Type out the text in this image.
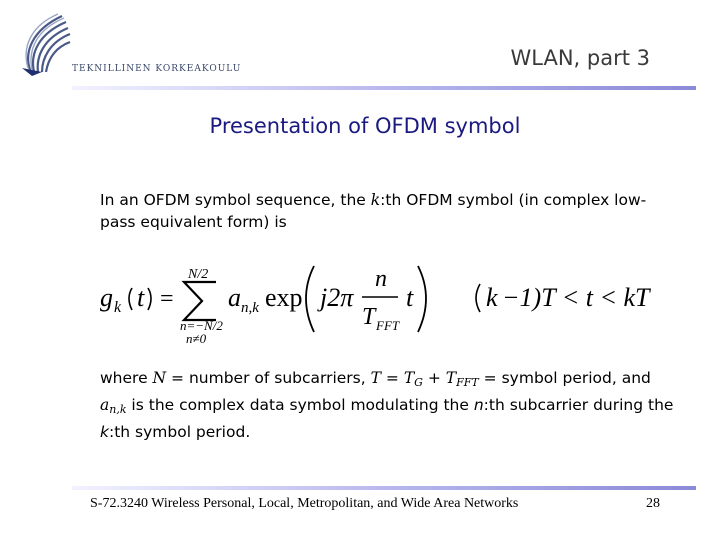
TEKNILLINEN KORKEAKOULU	WLAN, part 3
Presentation of OFDM symbol
In an OFDM symbol sequence, the k:th OFDM symbol (in complex low-pass equivalent form) is
g k t =
N/2
n=−N/2
n≠0
a n,k exp j2π
n
T FFT
t	k −1)T < t < kT
where N = number of subcarriers, $T = T_G + T_{FFT}$ = symbol period, and $a_{n,k}$ is the complex data symbol modulating the n:th subcarrier during the k:th symbol period.
S-72.3240 Wireless Personal, Local, Metropolitan, and Wide Area Networks	28
